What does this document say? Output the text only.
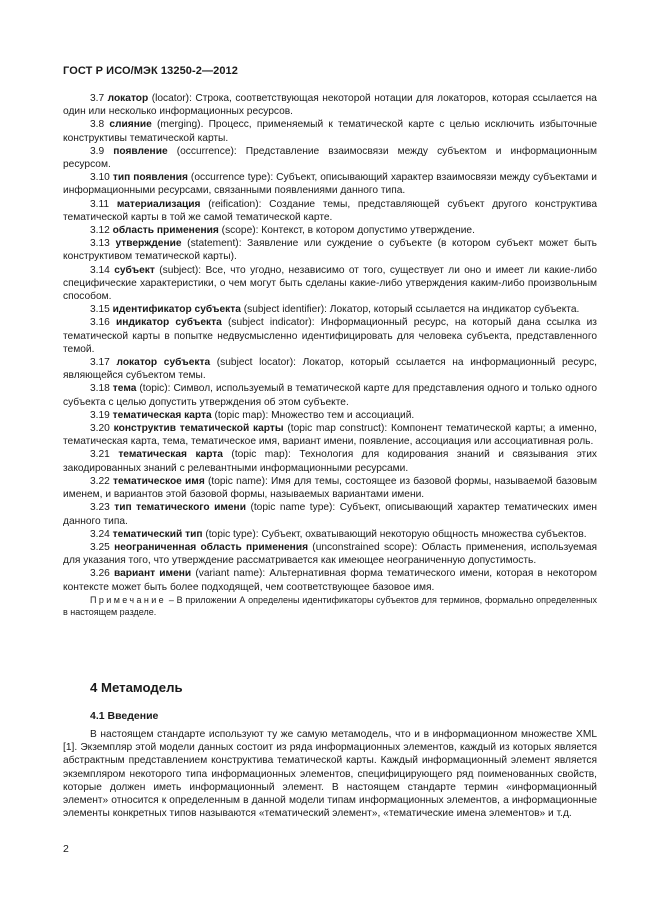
ГОСТ Р ИСО/МЭК 13250-2—2012

3.7 локатор (locator): Строка, соответствующая некоторой нотации для локаторов, которая ссылается на один или несколько информационных ресурсов.

3.8 слияние (merging). Процесс, применяемый к тематической карте с целью исключить избыточные конструктивы тематической карты.

3.9 появление (occurrence): Представление взаимосвязи между субъектом и информационным ресурсом.

3.10 тип появления (occurrence type): Субъект, описывающий характер взаимосвязи между субъектами и информационными ресурсами, связанными появлениями данного типа.

3.11 материализация (reification): Создание темы, представляющей субъект другого конструктива тематической карты в той же самой тематической карте.

3.12 область применения (scope): Контекст, в котором допустимо утверждение.

3.13 утверждение (statement): Заявление или суждение о субъекте (в котором субъект может быть конструктивом тематической карты).

3.14 субъект (subject): Все, что угодно, независимо от того, существует ли оно и имеет ли какие-либо специфические характеристики, о чем могут быть сделаны какие-либо утверждения каким-либо произвольным способом.

3.15 идентификатор субъекта (subject identifier): Локатор, который ссылается на индикатор субъекта.

3.16 индикатор субъекта (subject indicator): Информационный ресурс, на который дана ссылка из тематической карты в попытке недвусмысленно идентифицировать для человека субъекта, представленного темой.

3.17 локатор субъекта (subject locator): Локатор, который ссылается на информационный ресурс, являющейся субъектом темы.

3.18 тема (topic): Символ, используемый в тематической карте для представления одного и только одного субъекта с целью допустить утверждения об этом субъекте.

3.19 тематическая карта (topic map): Множество тем и ассоциаций.

3.20 конструктив тематической карты (topic map construct): Компонент тематической карты; а именно, тематическая карта, тема, тематическое имя, вариант имени, появление, ассоциация или ассоциативная роль.

3.21 тематическая карта (topic map): Технология для кодирования знаний и связывания этих закодированных знаний с релевантными информационными ресурсами.

3.22 тематическое имя (topic name): Имя для темы, состоящее из базовой формы, называемой базовым именем, и вариантов этой базовой формы, называемых вариантами имени.

3.23 тип тематического имени (topic name type): Субъект, описывающий характер тематических имен данного типа.

3.24 тематический тип (topic type): Субъект, охватывающий некоторую общность множества субъектов.

3.25 неограниченная область применения (unconstrained scope): Область применения, используемая для указания того, что утверждение рассматривается как имеющее неограниченную допустимость.

3.26 вариант имени (variant name): Альтернативная форма тематического имени, которая в некотором контексте может быть более подходящей, чем соответствующее базовое имя.

Примечание – В приложении А определены идентификаторы субъектов для терминов, формально определенных в настоящем разделе.

4 Метамодель
4.1 Введение

В настоящем стандарте используют ту же самую метамодель, что и в информационном множестве XML [1]. Экземпляр этой модели данных состоит из ряда информационных элементов, каждый из которых является абстрактным представлением конструктива тематической карты. Каждый информационный элемент является экземпляром некоторого типа информационных элементов, специфицирующего ряд поименованных свойств, которые должен иметь информационный элемент. В настоящем стандарте термин «информационный элемент» относится к определенным в данной модели типам информационных элементов, а информационные элементы конкретных типов называются «тематический элемент», «тематические имена элементов» и т.д.

2
